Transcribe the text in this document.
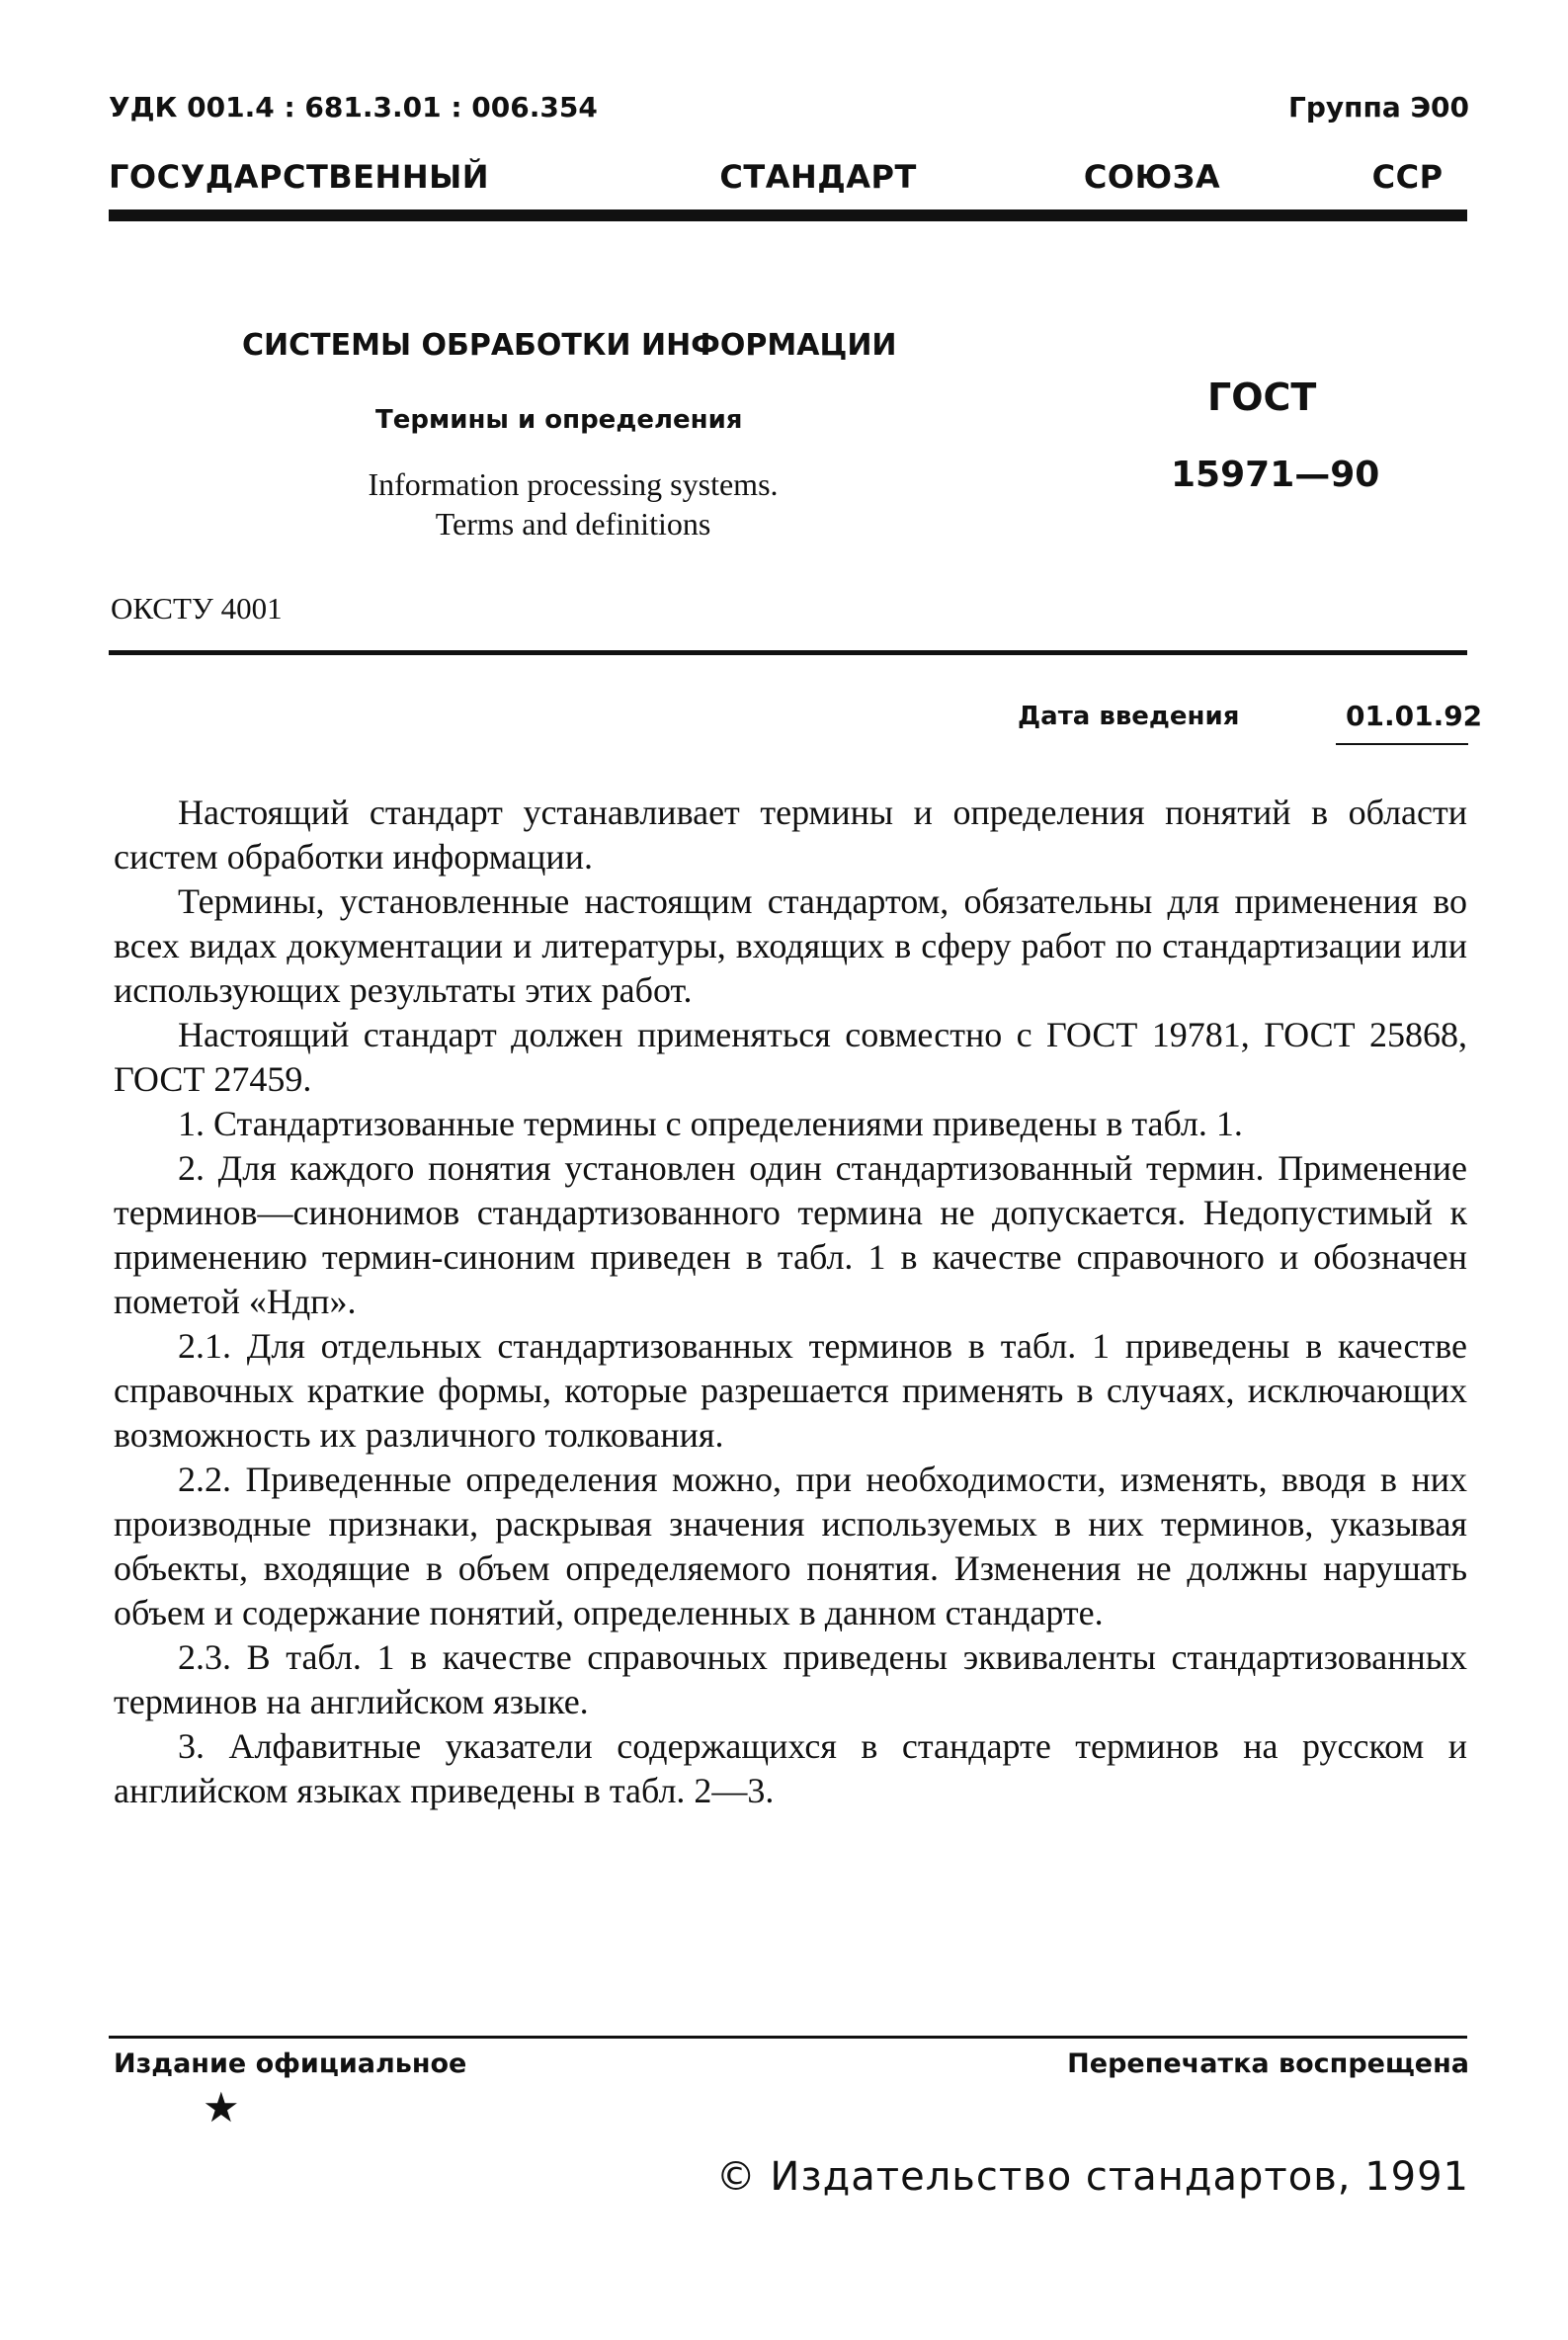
УДК 001.4 : 681.3.01 : 006.354	Группа Э00
ГОСУДАРСТВЕННЫЙ	СТАНДАРТ	СОЮЗА	ССР
СИСТЕМЫ ОБРАБОТКИ ИНФОРМАЦИИ
Термины и определения
Information processing systems.
Terms and definitions
ГОСТ
15971—90
ОКСТУ 4001
Дата введения	01.01.92

Настоящий стандарт устанавливает термины и определения понятий в области систем обработки информации.

Термины, установленные настоящим стандартом, обязательны для применения во всех видах документации и литературы, входящих в сферу работ по стандартизации или использующих результаты этих работ.

Настоящий стандарт должен применяться совместно с ГОСТ 19781, ГОСТ 25868, ГОСТ 27459.

1. Стандартизованные термины с определениями приведены в табл. 1.

2. Для каждого понятия установлен один стандартизованный термин. Применение терминов—синонимов стандартизованного термина не допускается. Недопустимый к применению термин-синоним приведен в табл. 1 в качестве справочного и обозначен пометой «Ндп».

2.1. Для отдельных стандартизованных терминов в табл. 1 приведены в качестве справочных краткие формы, которые разрешается применять в случаях, исключающих возможность их различного толкования.

2.2. Приведенные определения можно, при необходимости, изменять, вводя в них производные признаки, раскрывая значения используемых в них терминов, указывая объекты, входящие в объем определяемого понятия. Изменения не должны нарушать объем и содержание понятий, определенных в данном стандарте.

2.3. В табл. 1 в качестве справочных приведены эквиваленты стандартизованных терминов на английском языке.

3. Алфавитные указатели содержащихся в стандарте терминов на русском и английском языках приведены в табл. 2—3.

Издание официальное
★
Перепечатка воспрещена
© Издательство стандартов, 1991
